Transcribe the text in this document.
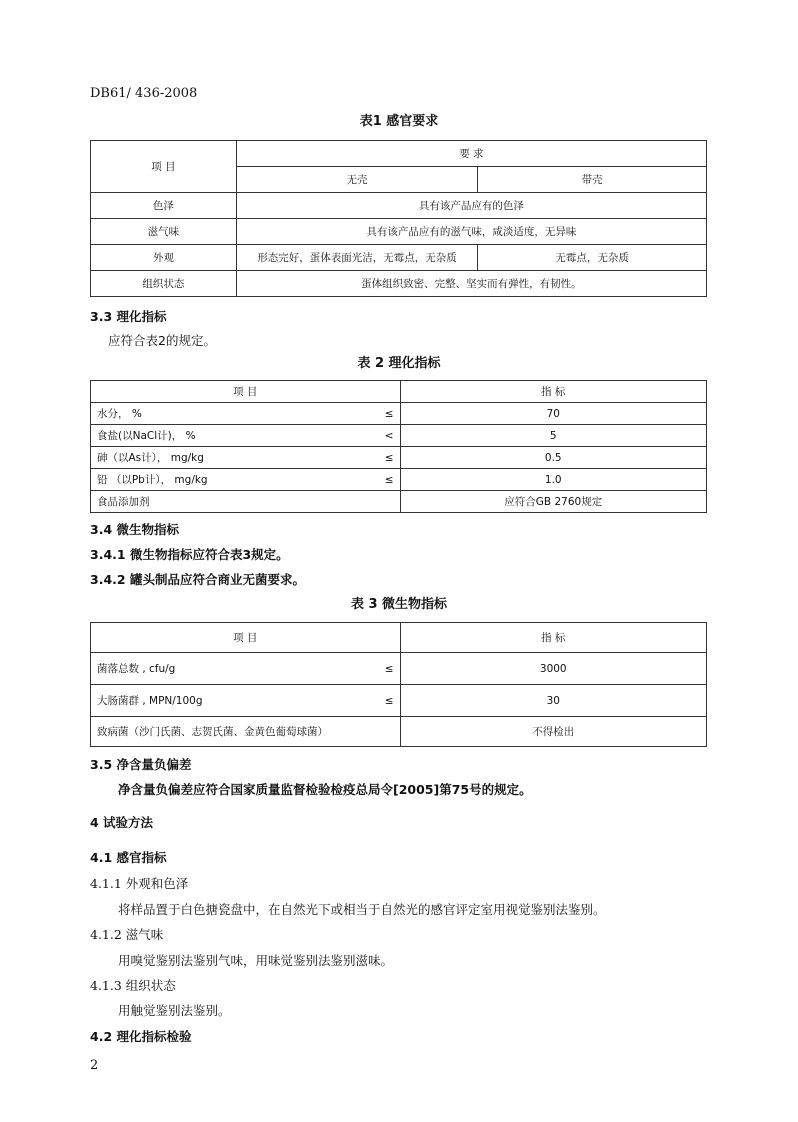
DB61/ 436-2008
表1 感官要求
项 目	要 求	
	无壳	带壳
色泽	具有该产品应有的色泽	
滋气味	具有该产品应有的滋气味，咸淡适度，无异味	
外观	形态完好，蛋体表面光洁，无霉点，无杂质	无霉点，无杂质
组织状态	蛋体组织致密、完整、坚实而有弹性，有韧性。	
3.3 理化指标
应符合表2的规定。
表 2 理化指标
项 目		指 标
水分， %	≤	70
食盐(以NaCl计)， %	<	5
砷（以As计）， mg/kg	≤	0.5
铅 （以Pb计）， mg/kg	≤	1.0
食品添加剂		应符合GB 2760规定
3.4 微生物指标
3.4.1 微生物指标应符合表3规定。
3.4.2 罐头制品应符合商业无菌要求。
表 3 微生物指标
项 目		指 标
菌落总数 , cfu/g	≤	3000
大肠菌群 , MPN/100g	≤	30
致病菌（沙门氏菌、志贺氏菌、金黄色葡萄球菌）		不得检出
3.5 净含量负偏差
净含量负偏差应符合国家质量监督检验检疫总局令[2005]第75号的规定。
4 试验方法
4.1 感官指标
4.1.1 外观和色泽
将样品置于白色搪瓷盘中，在自然光下或相当于自然光的感官评定室用视觉鉴别法鉴别。
4.1.2 滋气味
用嗅觉鉴别法鉴别气味，用味觉鉴别法鉴别滋味。
4.1.3 组织状态
用触觉鉴别法鉴别。
4.2 理化指标检验
2
